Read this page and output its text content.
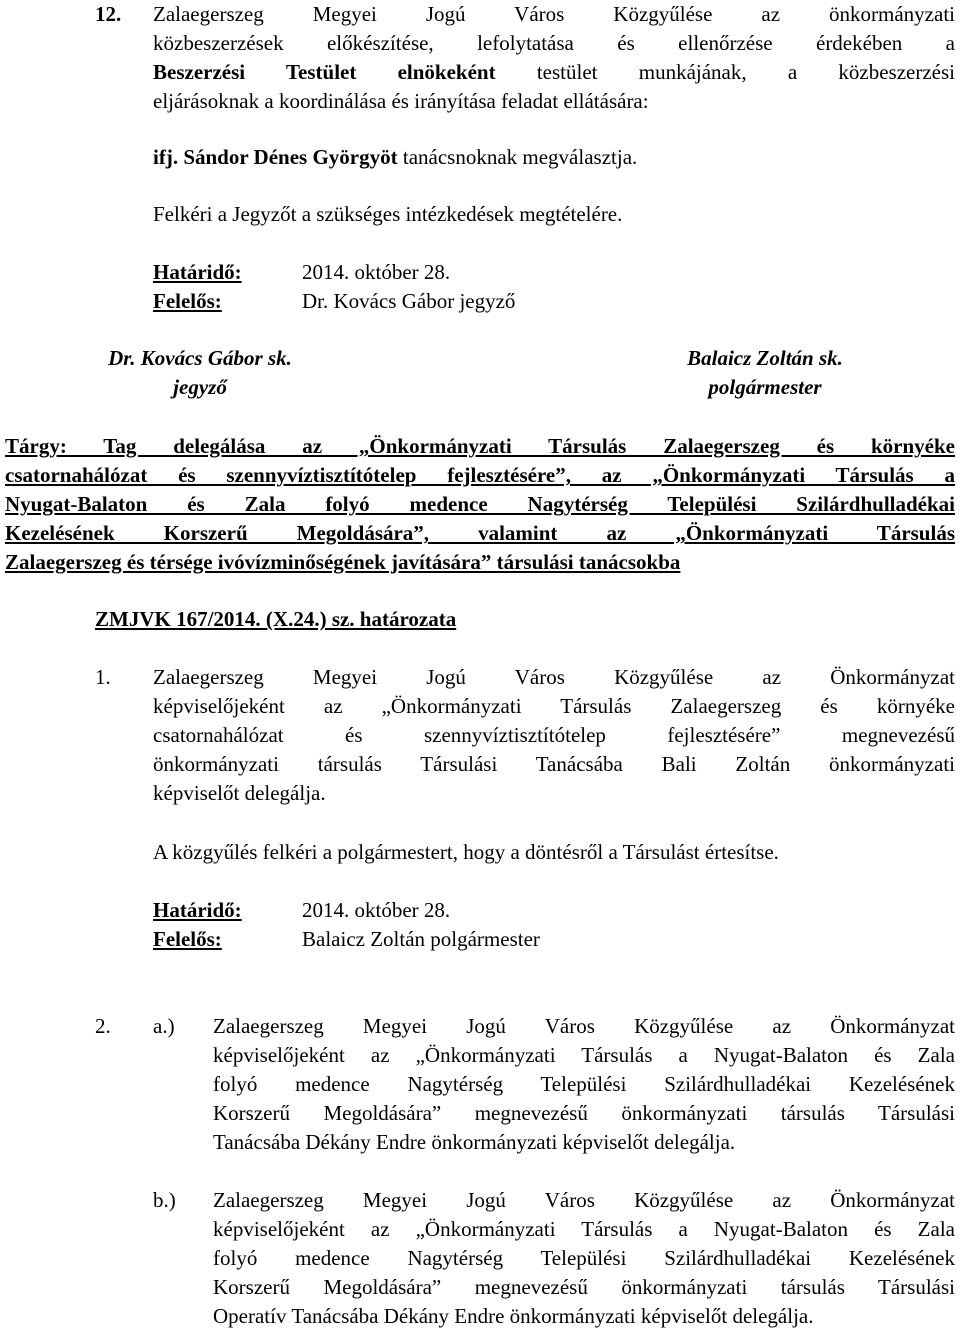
12. Zalaegerszeg Megyei Jogú Város Közgyűlése az önkormányzati
közbeszerzések előkészítése, lefolytatása és ellenőrzése érdekében a
Beszerzési Testület elnökeként testület munkájának, a közbeszerzési
eljárásoknak a koordinálása és irányítása feladat ellátására:
ifj. Sándor Dénes Györgyöt tanácsnoknak megválasztja.
Felkéri a Jegyzőt a szükséges intézkedések megtételére.
Határidő:	2014. október 28.
Felelős:	Dr. Kovács Gábor jegyző
Dr. Kovács Gábor sk.
jegyző
Balaicz Zoltán sk.
polgármester
Tárgy: Tag delegálása az „Önkormányzati Társulás Zalaegerszeg és környéke
csatornahálózat és szennyvíztisztítótelep fejlesztésére”, az „Önkormányzati Társulás a
Nyugat-Balaton és Zala folyó medence Nagytérség Települési Szilárdhulladékai
Kezelésének Korszerű Megoldására”, valamint az „Önkormányzati Társulás
Zalaegerszeg és térsége ivóvízminőségének javítására” társulási tanácsokba
ZMJVK 167/2014. (X.24.) sz. határozata
1. Zalaegerszeg Megyei Jogú Város Közgyűlése az Önkormányzat
képviselőjeként az „Önkormányzati Társulás Zalaegerszeg és környéke
csatornahálózat és szennyvíztisztítótelep fejlesztésére” megnevezésű
önkormányzati társulás Társulási Tanácsába Bali Zoltán önkormányzati
képviselőt delegálja.
A közgyűlés felkéri a polgármestert, hogy a döntésről a Társulást értesítse.
Határidő:	2014. október 28.
Felelős:	Balaicz Zoltán polgármester
2. a.) Zalaegerszeg Megyei Jogú Város Közgyűlése az Önkormányzat
képviselőjeként az „Önkormányzati Társulás a Nyugat-Balaton és Zala
folyó medence Nagytérség Települési Szilárdhulladékai Kezelésének
Korszerű Megoldására” megnevezésű önkormányzati társulás Társulási
Tanácsába Dékány Endre önkormányzati képviselőt delegálja.
b.) Zalaegerszeg Megyei Jogú Város Közgyűlése az Önkormányzat
képviselőjeként az „Önkormányzati Társulás a Nyugat-Balaton és Zala
folyó medence Nagytérség Települési Szilárdhulladékai Kezelésének
Korszerű Megoldására” megnevezésű önkormányzati társulás Társulási
Operatív Tanácsába Dékány Endre önkormányzati képviselőt delegálja.
